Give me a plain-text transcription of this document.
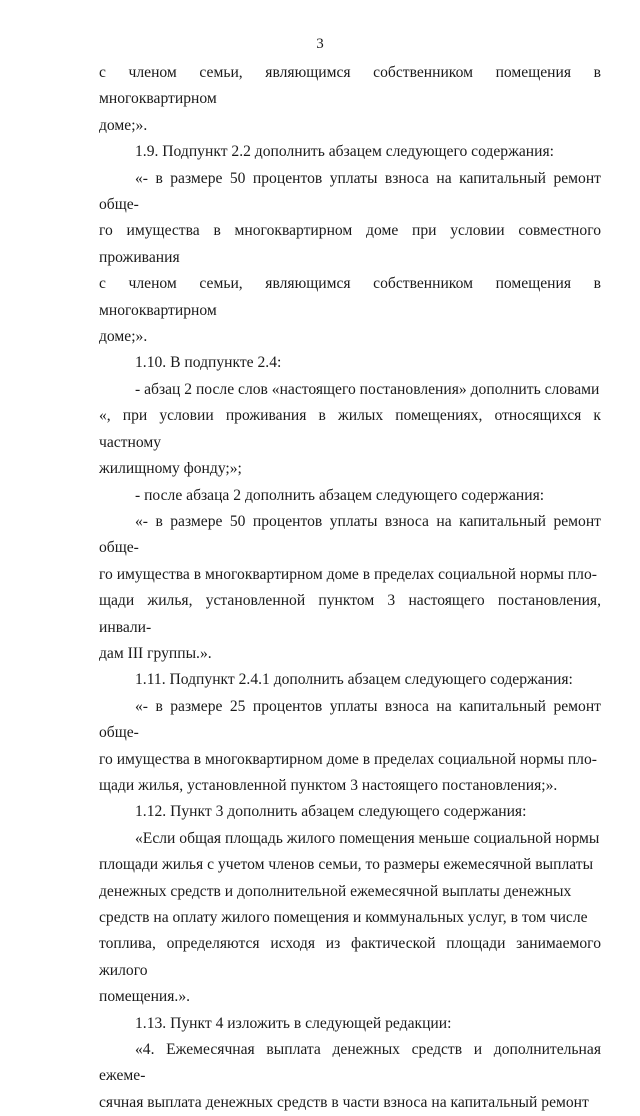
3

с членом семьи, являющимся собственником помещения в многоквартирном

доме;».

1.9. Подпункт 2.2 дополнить абзацем следующего содержания:

«- в размере 50 процентов уплаты взноса на капитальный ремонт обще-

го имущества в многоквартирном доме при условии совместного проживания

с членом семьи, являющимся собственником помещения в многоквартирном

доме;».

1.10. В подпункте 2.4:

- абзац 2 после слов «настоящего постановления» дополнить словами

«, при условии проживания в жилых помещениях, относящихся к частному

жилищному фонду;»;

- после абзаца 2 дополнить абзацем следующего содержания:

«- в размере 50 процентов уплаты взноса на капитальный ремонт обще-

го имущества в многоквартирном доме в пределах социальной нормы пло-

щади жилья, установленной пунктом 3 настоящего постановления, инвали-

дам III группы.».

1.11. Подпункт 2.4.1 дополнить абзацем следующего содержания:

«- в размере 25 процентов уплаты взноса на капитальный ремонт обще-

го имущества в многоквартирном доме в пределах социальной нормы пло-

щади жилья, установленной пунктом 3 настоящего постановления;».

1.12. Пункт 3 дополнить абзацем следующего содержания:

«Если общая площадь жилого помещения меньше социальной нормы

площади жилья с учетом членов семьи, то размеры ежемесячной выплаты

денежных средств и дополнительной ежемесячной выплаты денежных

средств на оплату жилого помещения и коммунальных услуг, в том числе

топлива, определяются исходя из фактической площади занимаемого жилого

помещения.».

1.13. Пункт 4 изложить в следующей редакции:

«4. Ежемесячная выплата денежных средств и дополнительная ежеме-

сячная выплата денежных средств в части взноса на капитальный ремонт
